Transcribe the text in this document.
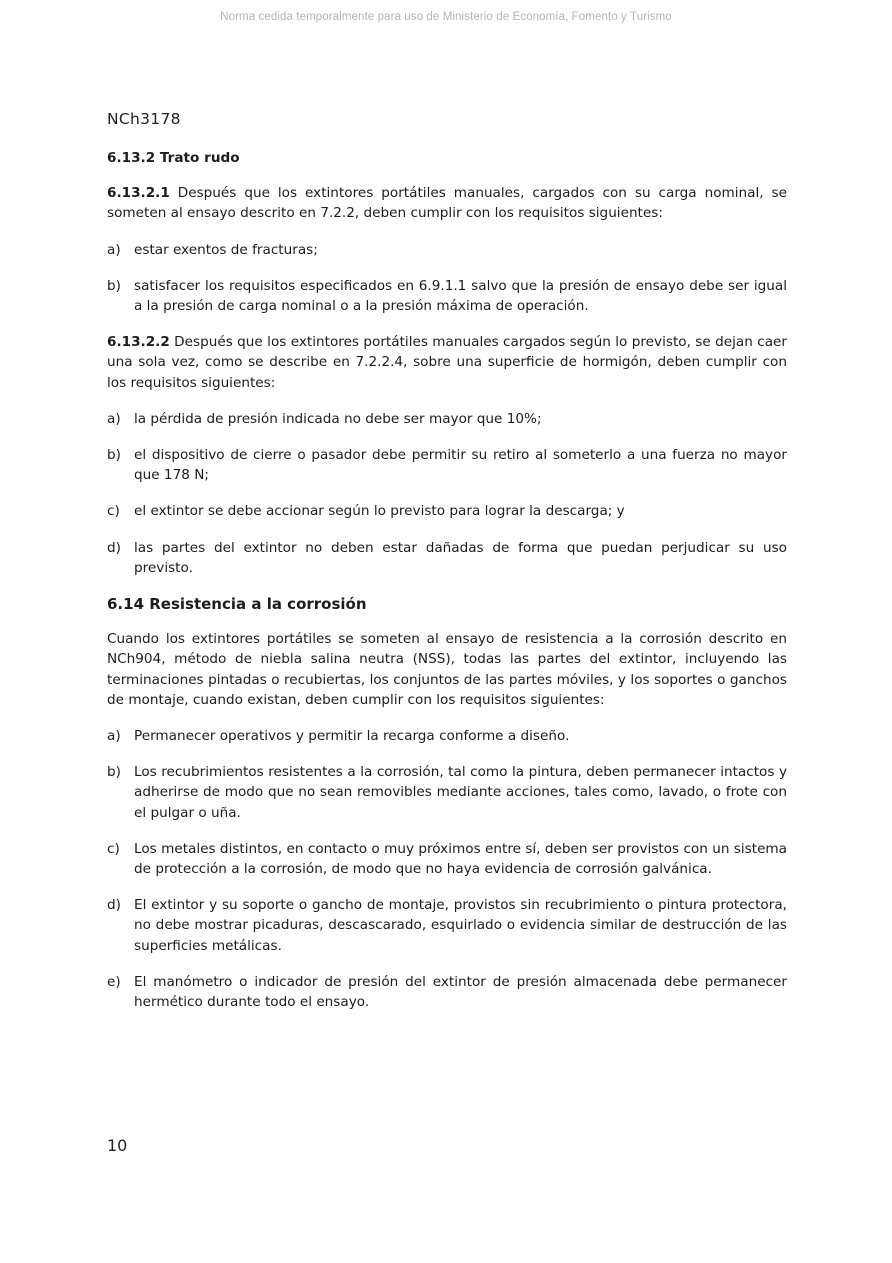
Norma cedida temporalmente para uso de Ministerio de Economía, Fomento y Turismo
NCh3178

6.13.2 Trato rudo

6.13.2.1 Después que los extintores portátiles manuales, cargados con su carga nominal, se someten al ensayo descrito en 7.2.2, deben cumplir con los requisitos siguientes:

a) estar exentos de fracturas;

b) satisfacer los requisitos especificados en 6.9.1.1 salvo que la presión de ensayo debe ser igual a la presión de carga nominal o a la presión máxima de operación.

6.13.2.2 Después que los extintores portátiles manuales cargados según lo previsto, se dejan caer una sola vez, como se describe en 7.2.2.4, sobre una superficie de hormigón, deben cumplir con los requisitos siguientes:

a) la pérdida de presión indicada no debe ser mayor que 10%;

b) el dispositivo de cierre o pasador debe permitir su retiro al someterlo a una fuerza no mayor que 178 N;

c) el extintor se debe accionar según lo previsto para lograr la descarga; y

d) las partes del extintor no deben estar dañadas de forma que puedan perjudicar su uso previsto.

6.14 Resistencia a la corrosión

Cuando los extintores portátiles se someten al ensayo de resistencia a la corrosión descrito en NCh904, método de niebla salina neutra (NSS), todas las partes del extintor, incluyendo las terminaciones pintadas o recubiertas, los conjuntos de las partes móviles, y los soportes o ganchos de montaje, cuando existan, deben cumplir con los requisitos siguientes:

a) Permanecer operativos y permitir la recarga conforme a diseño.

b) Los recubrimientos resistentes a la corrosión, tal como la pintura, deben permanecer intactos y adherirse de modo que no sean removibles mediante acciones, tales como, lavado, o frote con el pulgar o uña.

c) Los metales distintos, en contacto o muy próximos entre sí, deben ser provistos con un sistema de protección a la corrosión, de modo que no haya evidencia de corrosión galvánica.

d) El extintor y su soporte o gancho de montaje, provistos sin recubrimiento o pintura protectora, no debe mostrar picaduras, descascarado, esquirlado o evidencia similar de destrucción de las superficies metálicas.

e) El manómetro o indicador de presión del extintor de presión almacenada debe permanecer hermético durante todo el ensayo.

10
